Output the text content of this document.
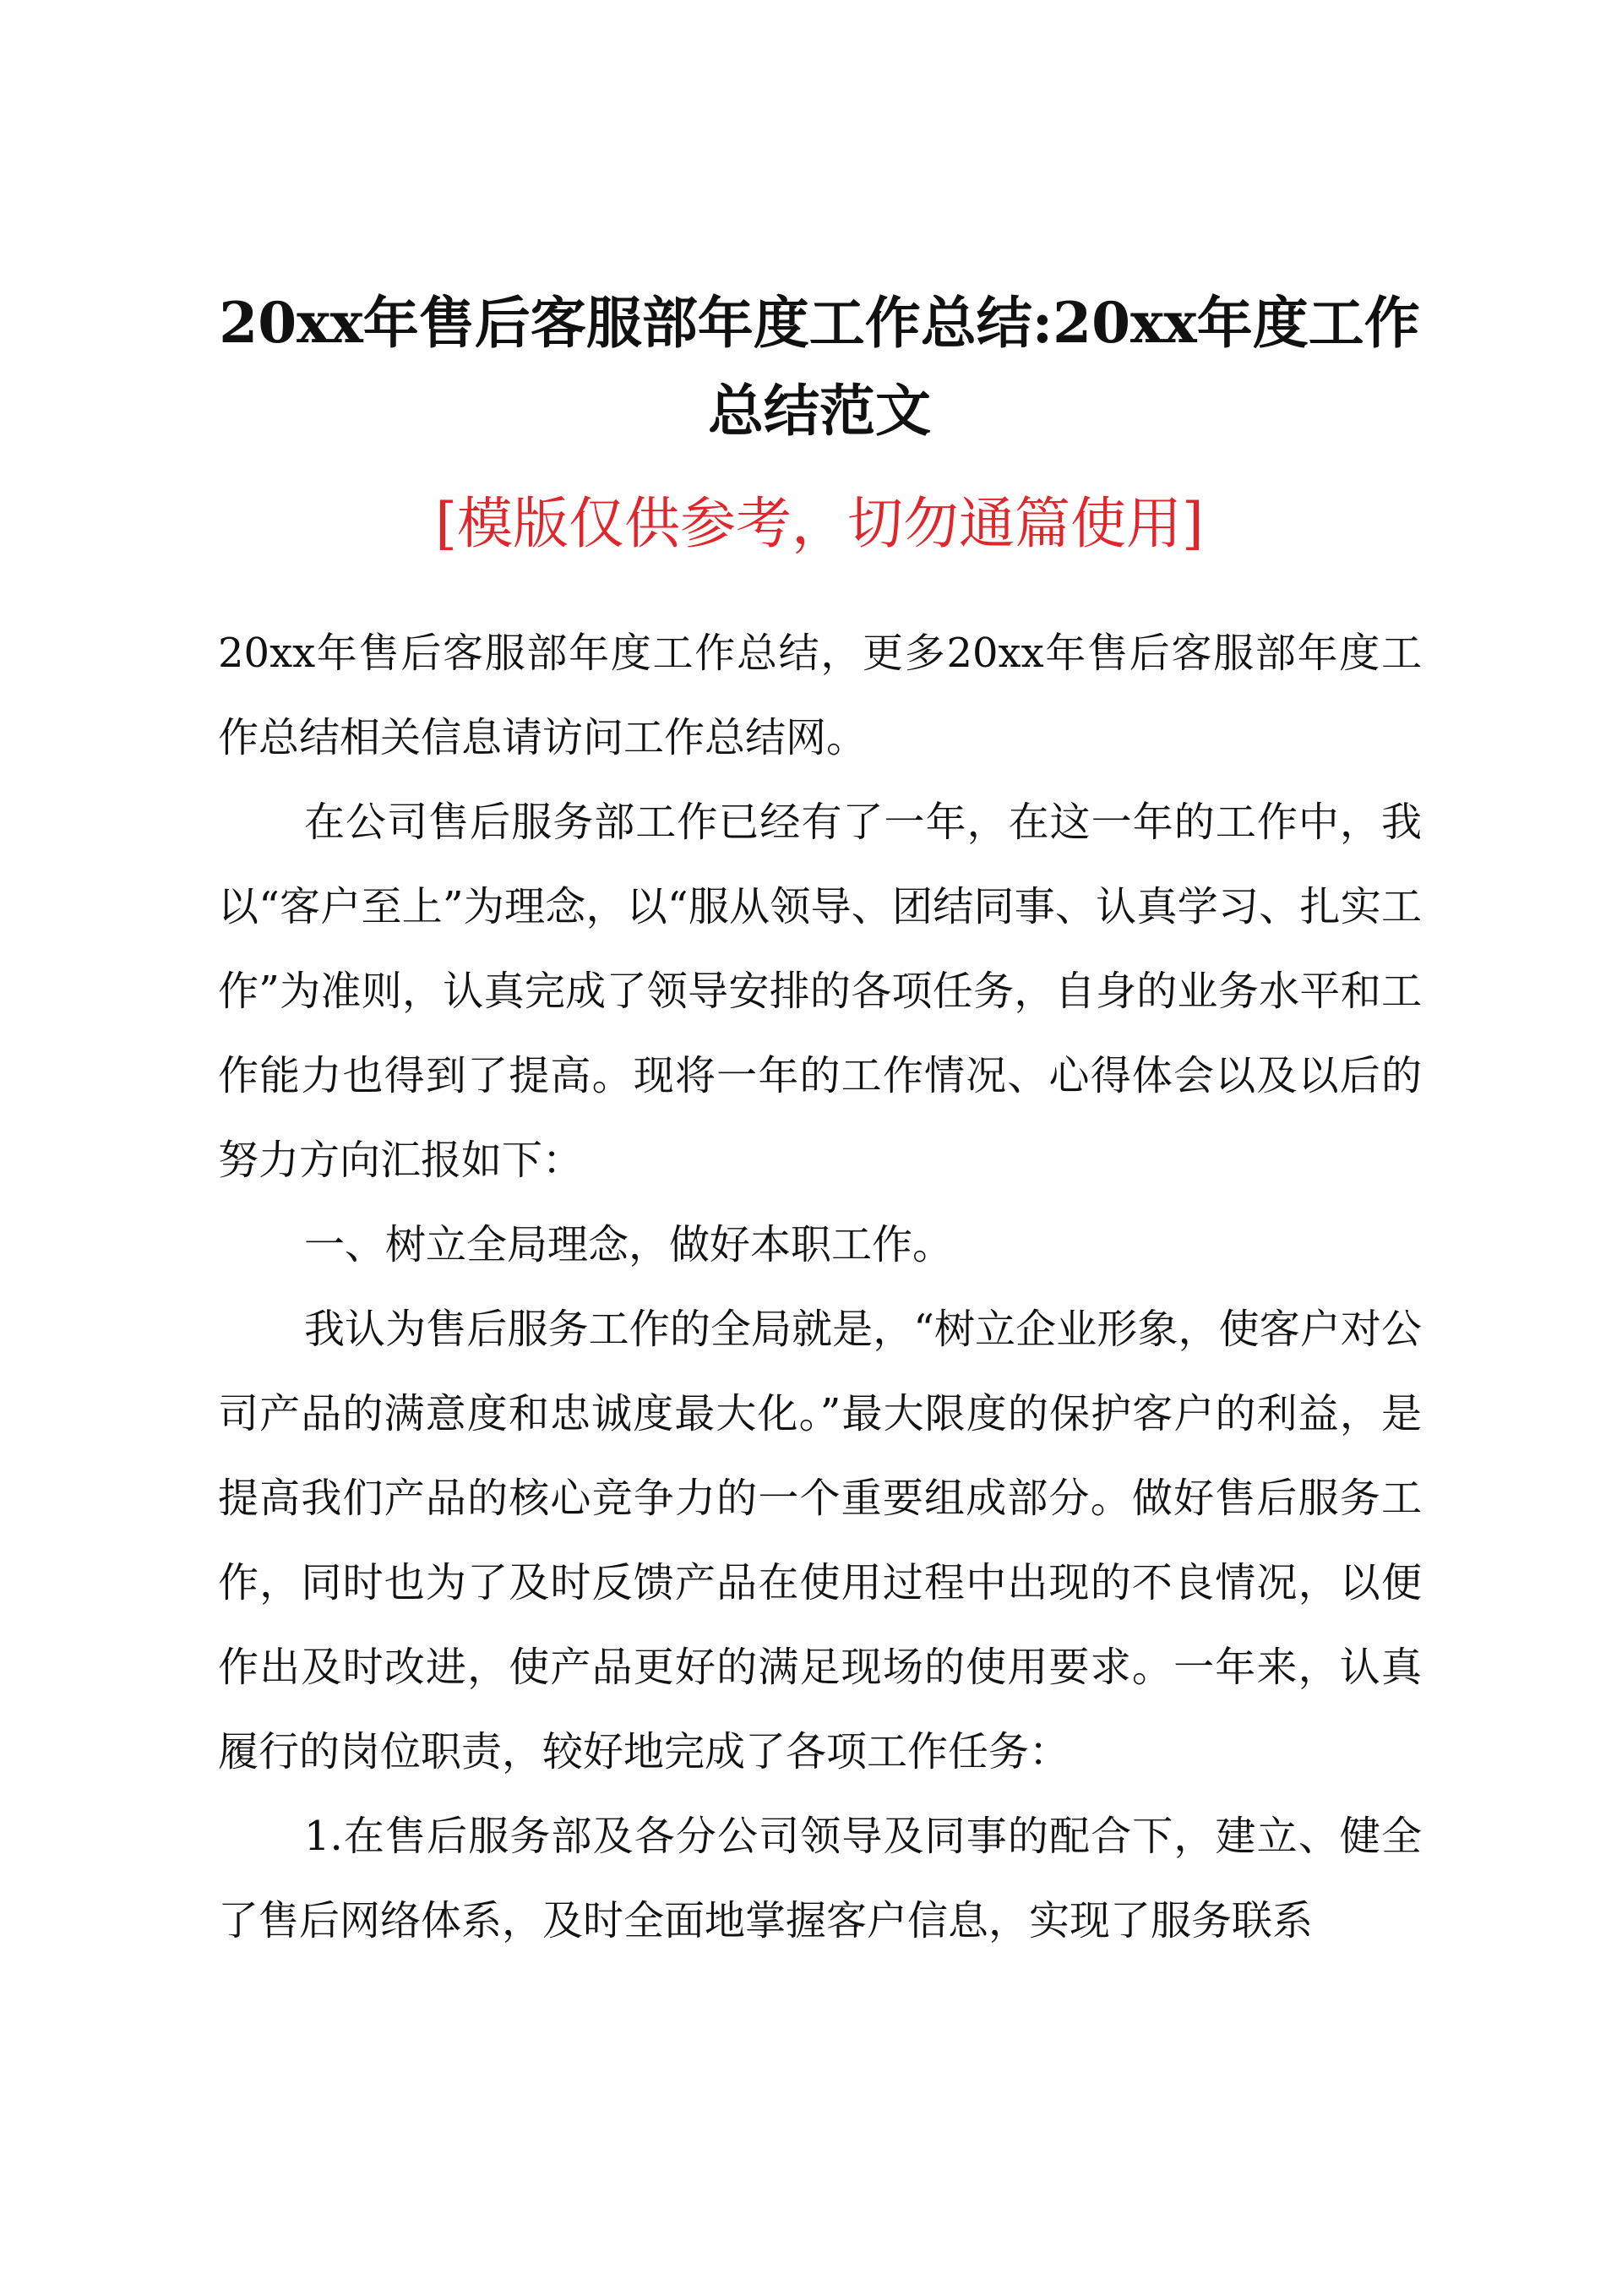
20xx年售后客服部年度工作总结:20xx年度工作总结范文
[模版仅供参考，切勿通篇使用]

20xx年售后客服部年度工作总结，更多20xx年售后客服部年度工作总结相关信息请访问工作总结网。

在公司售后服务部工作已经有了一年，在这一年的工作中，我以“客户至上”为理念，以“服从领导、团结同事、认真学习、扎实工作”为准则，认真完成了领导安排的各项任务，自身的业务水平和工作能力也得到了提高。现将一年的工作情况、心得体会以及以后的努力方向汇报如下：

一、树立全局理念，做好本职工作。

我认为售后服务工作的全局就是，“树立企业形象，使客户对公司产品的满意度和忠诚度最大化。”最大限度的保护客户的利益，是提高我们产品的核心竞争力的一个重要组成部分。做好售后服务工作，同时也为了及时反馈产品在使用过程中出现的不良情况，以便作出及时改进，使产品更好的满足现场的使用要求。一年来，认真履行的岗位职责，较好地完成了各项工作任务：

1.在售后服务部及各分公司领导及同事的配合下，建立、健全了售后网络体系，及时全面地掌握客户信息，实现了服务联系
